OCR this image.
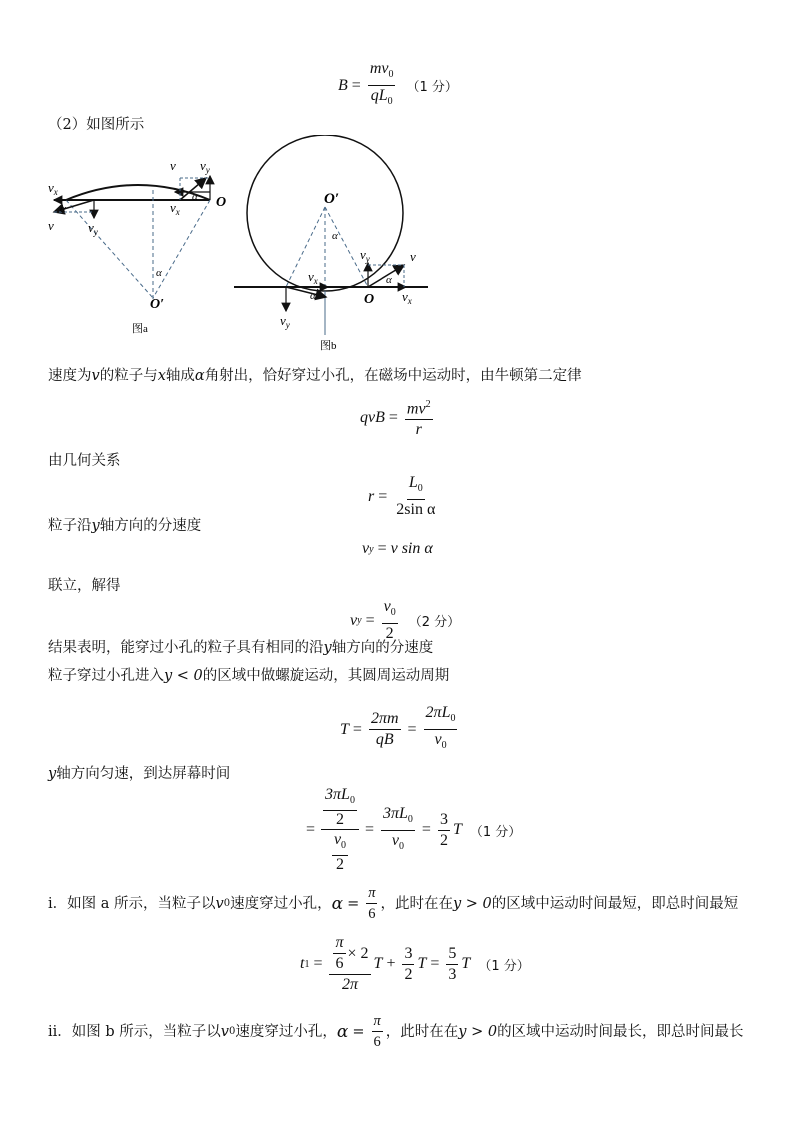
$B = \frac{mv_0}{qL_0} (1$ 分）
（2）如图所示
$v_x$
α
v	$v_y$
v $v_y$
α
$v_x$
O
α
O′
图a
O′
α
$v_x$
α
$v_y$
$v_y$	v
α
O $v_x$
图b
速度为v的粒子与x轴成α角射出，恰好穿过小孔，在磁场中运动时，由牛顿第二定律
qvB = $\frac{mv^2}{r}$
由几何关系
$r = \frac{L_0}{\text{2sin α}}$
粒子沿y轴方向的分速度
v y = v sin α
联立，解得
v $y = \frac{v_0}{2} (2$ 分）
结果表明，能穿过小孔的粒子具有相同的沿y轴方向的分速度
粒子穿过小孔进入y < 0的区域中做螺旋运动，其圆周运动周期
$T = \frac{2\pi m}{qB} = \frac{2\pi L_0}{v_0}$
y轴方向匀速，到达屏幕时间
= $3\pi L_0$
2
$v_0$
$2 = \frac{3\pi L_0}{v_0} = \frac{3}{2}$ T （1 分）
i．如图 a 所示，当粒子以 v 0 速度穿过小孔， $\alpha = \frac{\pi}{6}$ ，此时在在 y > 0 的区域中运动时间最短，即总时间最短
t $1 = \frac{\frac{\pi}{6} \times 2}{2\pi}$ $T + \frac{3}{2}$ $T = \frac{5}{3}$ T （1 分）
ii．如图 b 所示，当粒子以 v 0 速度穿过小孔， $\alpha = \frac{\pi}{6}$ ，此时在在 y > 0 的区域中运动时间最长，即总时间最长
